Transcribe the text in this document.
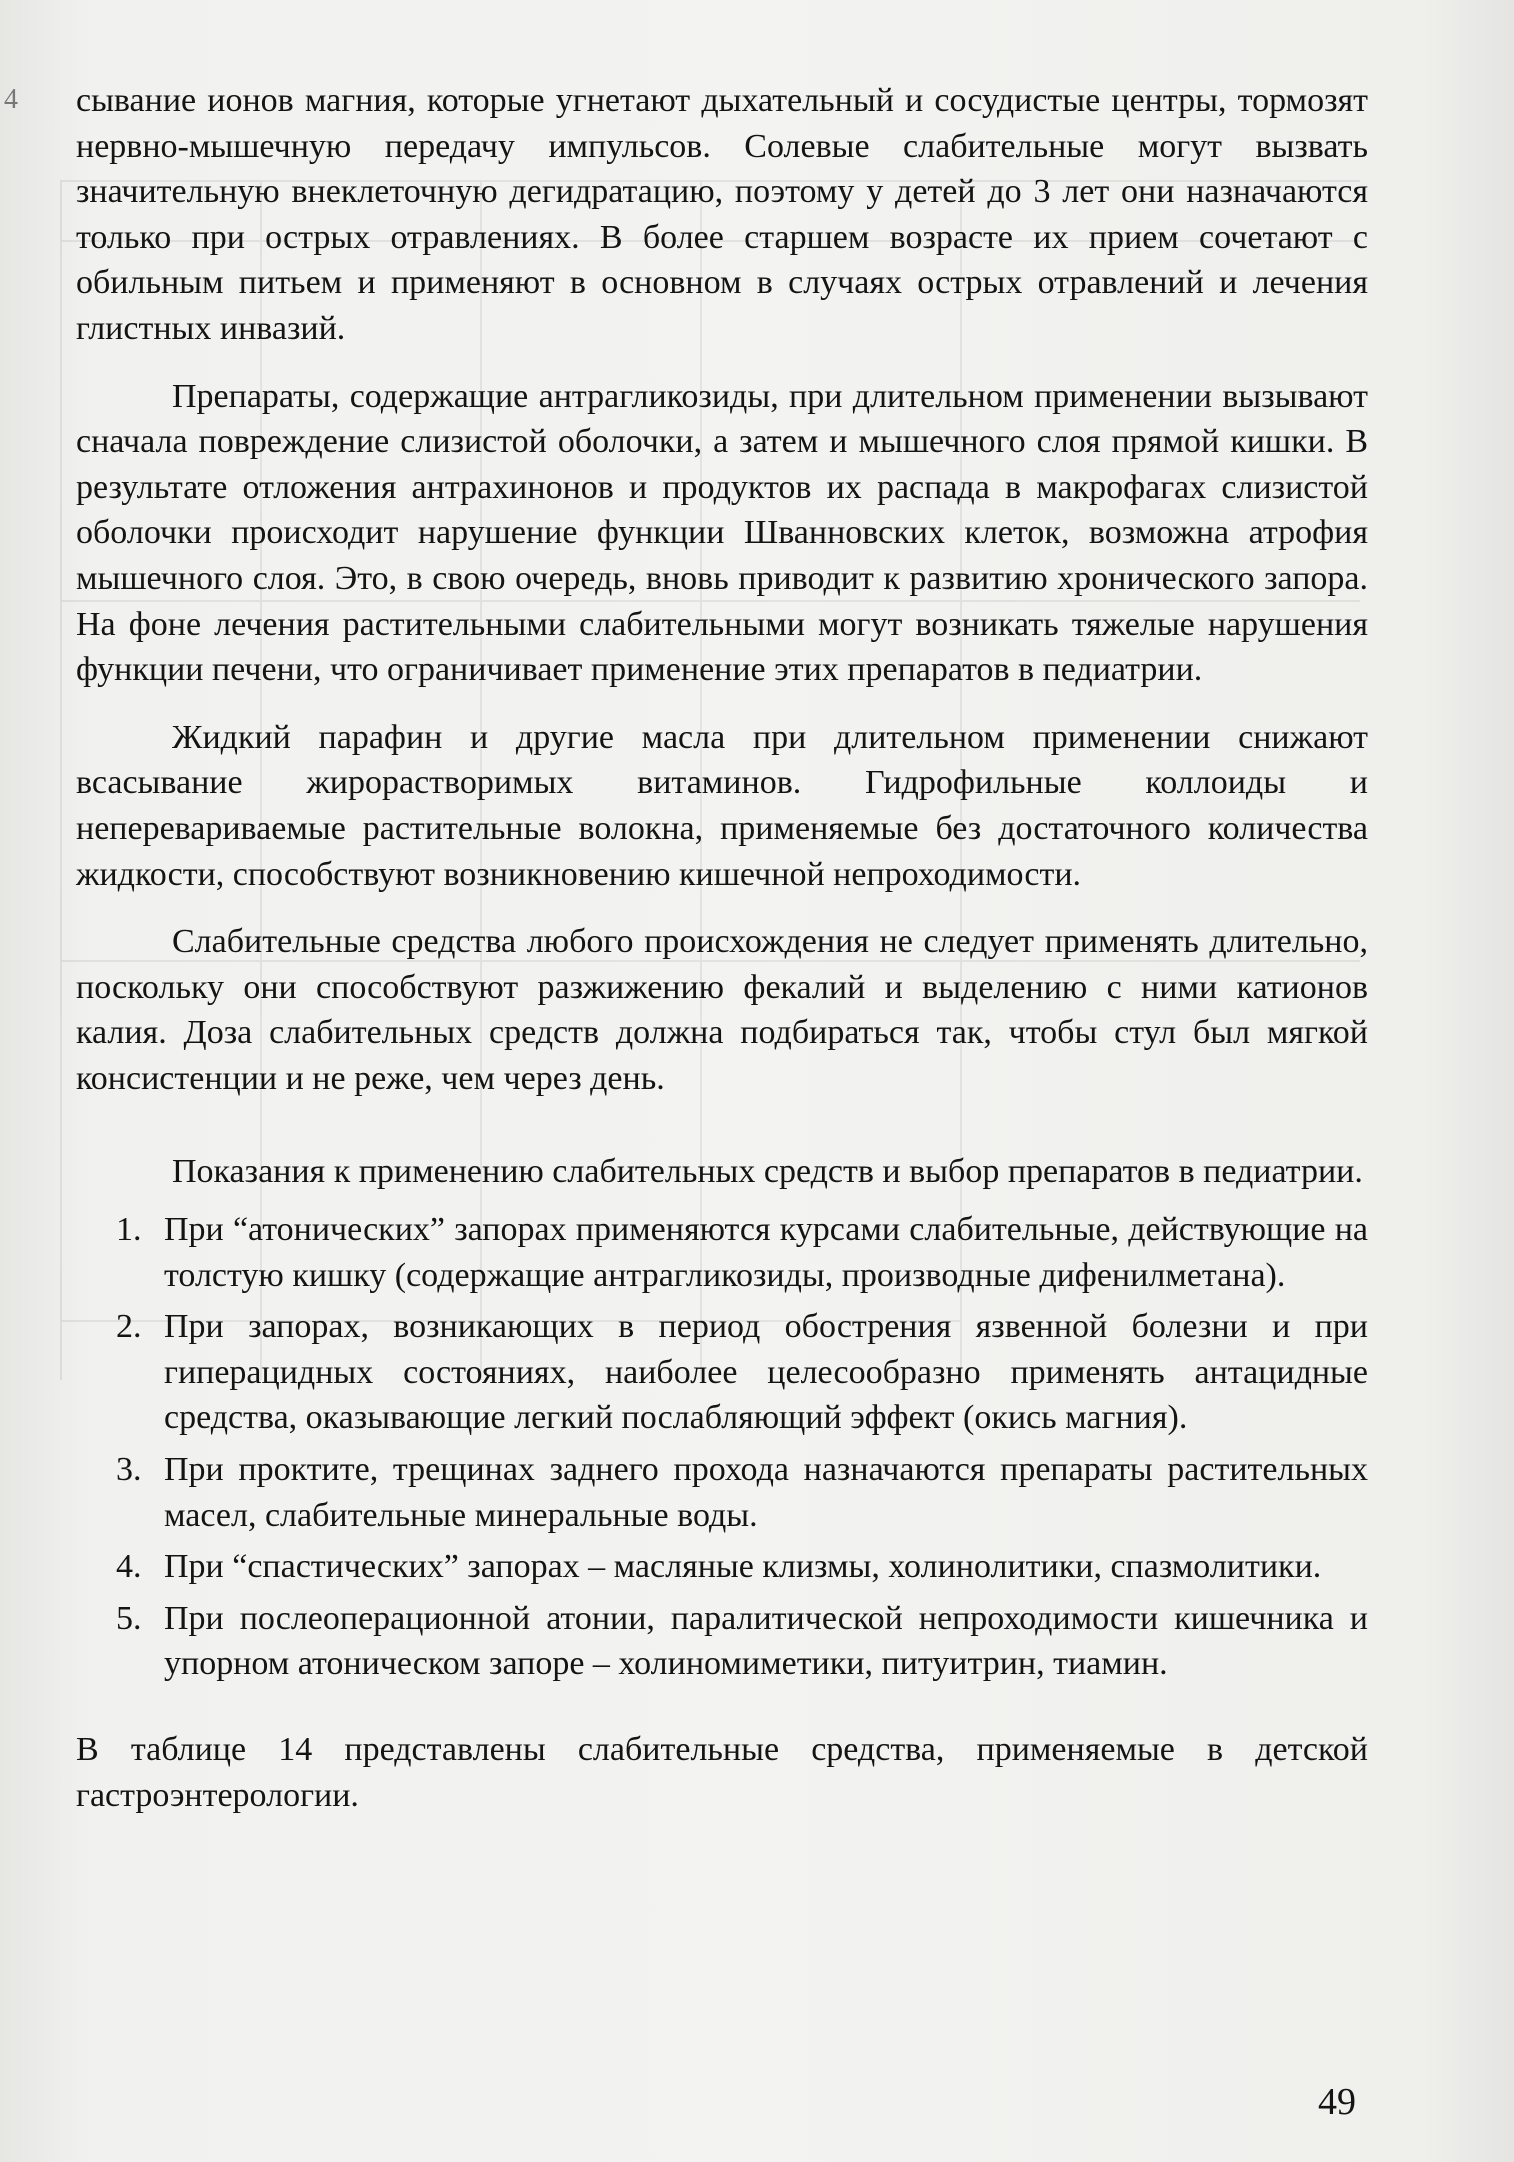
4 сывание ионов магния, которые угнетают дыхательный и сосудистые центры, тормозят нервно-мышечную передачу импульсов. Солевые слабительные могут вызвать значительную внеклеточную дегидратацию, поэтому у детей до 3 лет они назначаются только при острых отравлениях. В более старшем возрасте их прием сочетают с обильным питьем и применяют в основном в случаях острых отравлений и лечения глистных инвазий.

Препараты, содержащие антрагликозиды, при длительном применении вызывают сначала повреждение слизистой оболочки, а затем и мышечного слоя прямой кишки. В результате отложения антрахинонов и продуктов их распада в макрофагах слизистой оболочки происходит нарушение функции Шванновских клеток, возможна атрофия мышечного слоя. Это, в свою очередь, вновь приводит к развитию хронического запора. На фоне лечения растительными слабительными могут возникать тяжелые нарушения функции печени, что ограничивает применение этих препаратов в педиатрии.

Жидкий парафин и другие масла при длительном применении снижают всасывание жирорастворимых витаминов. Гидрофильные коллоиды и неперевариваемые растительные волокна, применяемые без достаточного количества жидкости, способствуют возникновению кишечной непроходимости.

Слабительные средства любого происхождения не следует применять длительно, поскольку они способствуют разжижению фекалий и выделению с ними катионов калия. Доза слабительных средств должна подбираться так, чтобы стул был мягкой консистенции и не реже, чем через день.

Показания к применению слабительных средств и выбор препаратов в педиатрии.

1. При “атонических” запорах применяются курсами слабительные, действующие на толстую кишку (содержащие антрагликозиды, производные дифенилметана).
2. При запорах, возникающих в период обострения язвенной болезни и при гиперацидных состояниях, наиболее целесообразно применять антацидные средства, оказывающие легкий послабляющий эффект (окись магния).
3. При проктите, трещинах заднего прохода назначаются препараты растительных масел, слабительные минеральные воды.
4. При “спастических” запорах – масляные клизмы, холинолитики, спазмолитики.
5. При послеоперационной атонии, паралитической непроходимости кишечника и упорном атоническом запоре – холиномиметики, питуитрин, тиамин.

В таблице 14 представлены слабительные средства, применяемые в детской гастроэнтерологии.

49
